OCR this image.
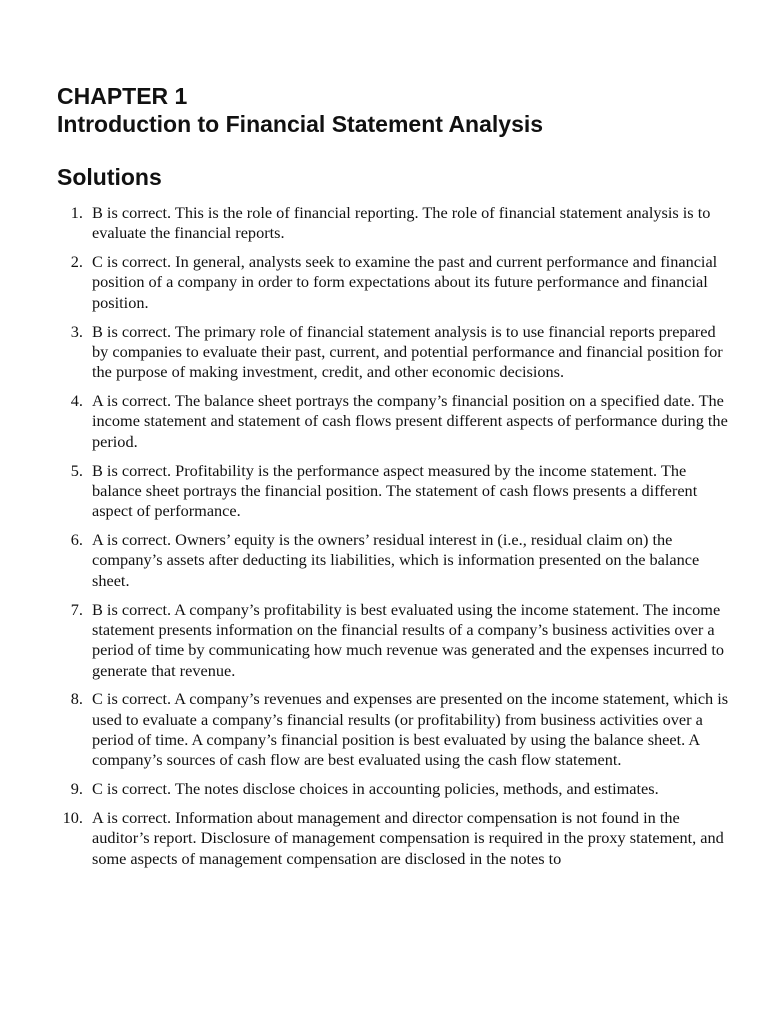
CHAPTER 1
Introduction to Financial Statement Analysis
Solutions
1. B is correct. This is the role of financial reporting. The role of financial statement analysis is to evaluate the financial reports.
2. C is correct. In general, analysts seek to examine the past and current performance and financial position of a company in order to form expectations about its future performance and financial position.
3. B is correct. The primary role of financial statement analysis is to use financial reports prepared by companies to evaluate their past, current, and potential performance and financial position for the purpose of making investment, credit, and other economic decisions.
4. A is correct. The balance sheet portrays the company’s financial position on a specified date. The income statement and statement of cash flows present different aspects of performance during the period.
5. B is correct. Profitability is the performance aspect measured by the income statement. The balance sheet portrays the financial position. The statement of cash flows presents a different aspect of performance.
6. A is correct. Owners’ equity is the owners’ residual interest in (i.e., residual claim on) the company’s assets after deducting its liabilities, which is information presented on the balance sheet.
7. B is correct. A company’s profitability is best evaluated using the income statement. The income statement presents information on the financial results of a company’s business activities over a period of time by communicating how much revenue was generated and the expenses incurred to generate that revenue.
8. C is correct. A company’s revenues and expenses are presented on the income statement, which is used to evaluate a company’s financial results (or profitability) from business activities over a period of time. A company’s financial position is best evaluated by using the balance sheet. A company’s sources of cash flow are best evaluated using the cash flow statement.
9. C is correct. The notes disclose choices in accounting policies, methods, and estimates.
10. A is correct. Information about management and director compensation is not found in the auditor’s report. Disclosure of management compensation is required in the proxy statement, and some aspects of management compensation are disclosed in the notes to
